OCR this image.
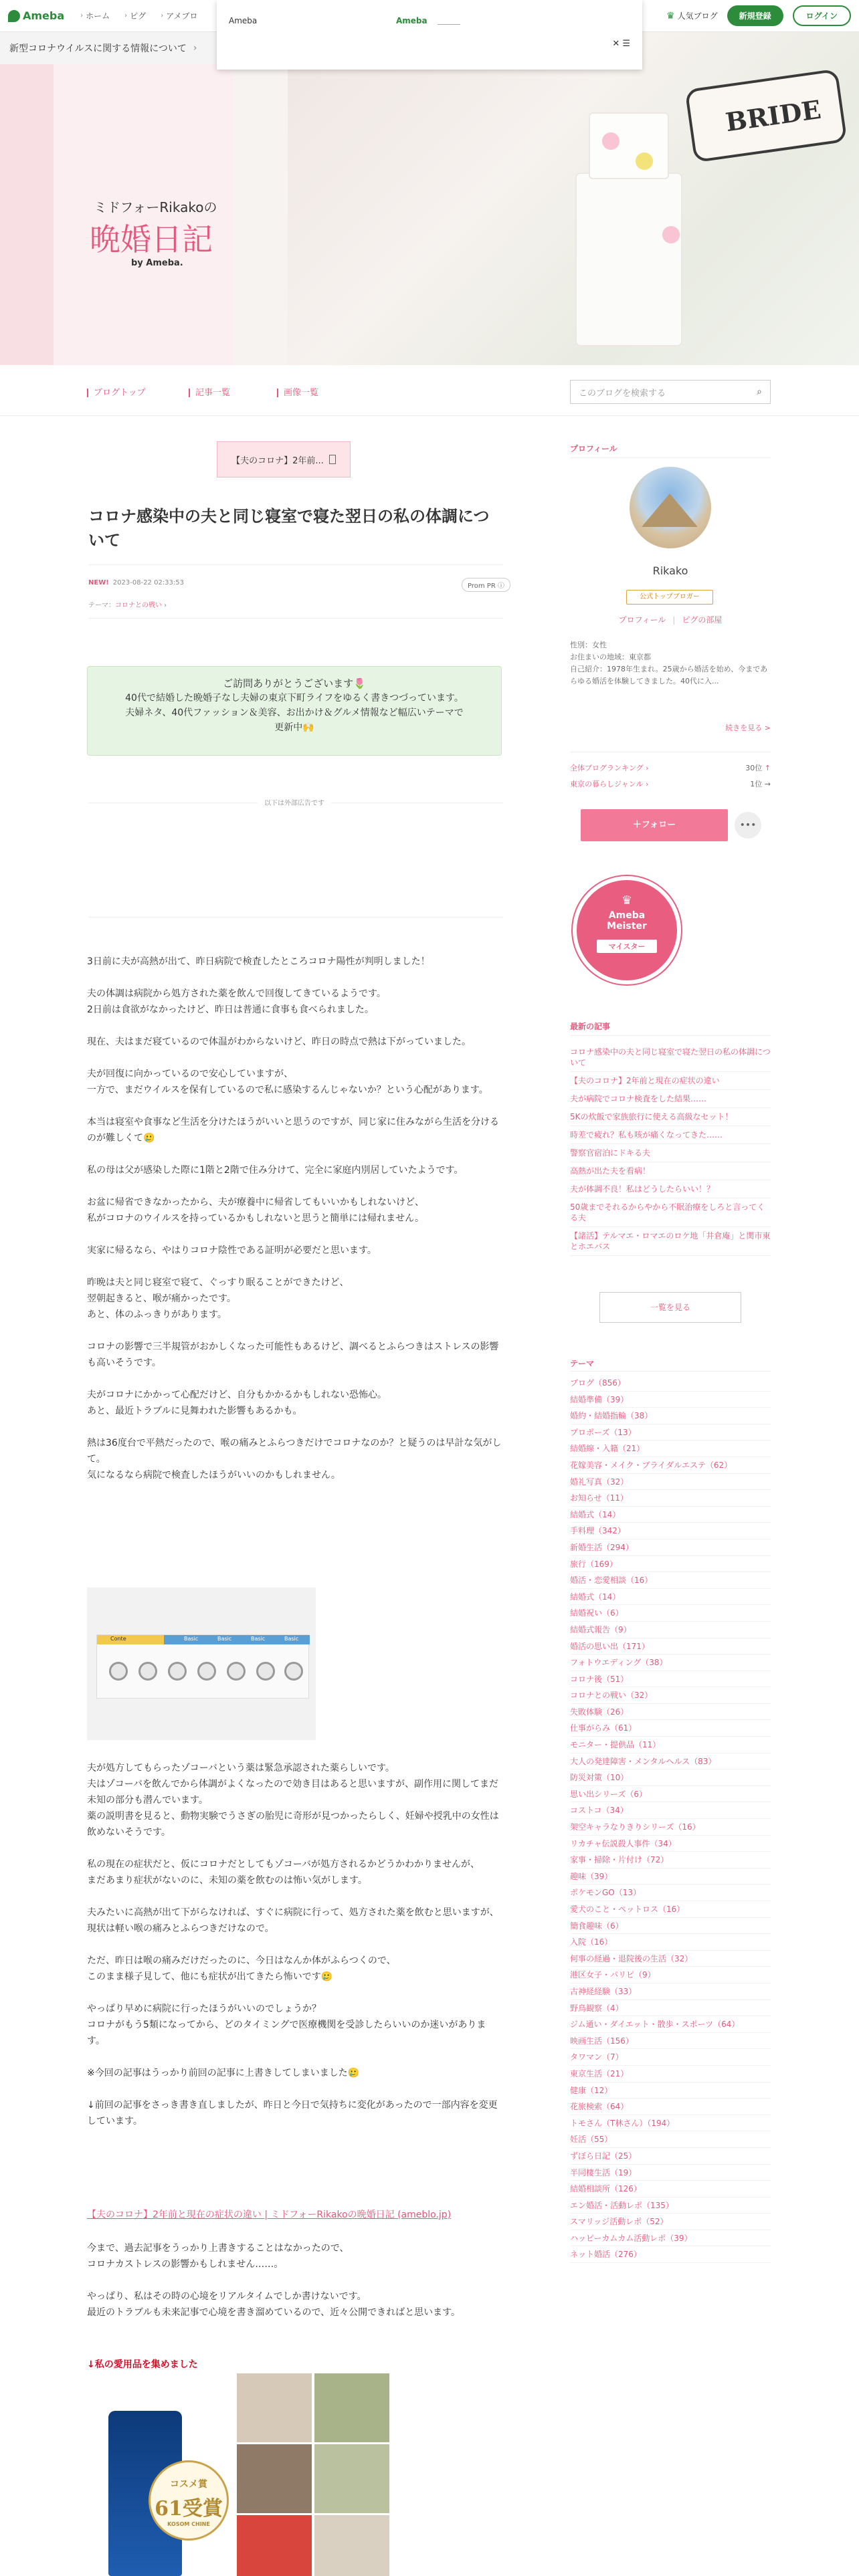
Ameba › ホーム › ピグ › アメブロ	♛ 人気ブログ	新規登録	ログイン
BRIDE
ミドフォーRikakoの
晩婚日記
by Ameba.
新型コロナウイルスに関する情報について ›
Ameba	Ameba
✕ ☰
ブログトップ	記事一覧	画像一覧	このブログを検索する	⌕
【夫のコロナ】2年前...
コロナ感染中の夫と同じ寝室で寝た翌日の私の体調について
NEW! 2023-08-22 02:33:53	Prom PR ⓘ
テーマ：コロナとの戦い ›
ご訪問ありがとうございます🌷
40代で結婚した晩婚子なし夫婦の東京下町ライフをゆるく書きつづっています。
夫婦ネタ、40代ファッション＆美容、お出かけ＆グルメ情報など幅広いテーマで
更新中🙌
以下は外部広告です

3日前に夫が高熱が出て、昨日病院で検査したところコロナ陽性が判明しました！

夫の体調は病院から処方された薬を飲んで回復してきているようです。
2日前は食欲がなかったけど、昨日は普通に食事も食べられました。

現在、夫はまだ寝ているので体温がわからないけど、昨日の時点で熱は下がっていました。

夫が回復に向かっているので安心していますが、
一方で、まだウイルスを保有しているので私に感染するんじゃないか？という心配があります。

本当は寝室や食事など生活を分けたほうがいいと思うのですが、同じ家に住みながら生活を分けるのが難しくて🥲

私の母は父が感染した際に1階と2階で住み分けて、完全に家庭内別居していたようです。

お盆に帰省できなかったから、夫が療養中に帰省してもいいかもしれないけど、
私がコロナのウイルスを持っているかもしれないと思うと簡単には帰れません。

実家に帰るなら、やはりコロナ陰性である証明が必要だと思います。

昨晩は夫と同じ寝室で寝て、ぐっすり眠ることができたけど、
翌朝起きると、喉が痛かったです。
あと、体のふっきりがあります。

コロナの影響で三半規管がおかしくなった可能性もあるけど、調べるとふらつきはストレスの影響も高いそうです。

夫がコロナにかかって心配だけど、自分もかかるかもしれない恐怖心。
あと、最近トラブルに見舞われた影響もあるかも。

熱は36度台で平熱だったので、喉の痛みとふらつきだけでコロナなのか？と疑うのは早計な気がして。
気になるなら病院で検査したほうがいいのかもしれません。

Conte	Basic	Basic	Basic	Basic

夫が処方してもらったゾコーバという薬は緊急承認された薬らしいです。
夫はゾコーバを飲んでから体調がよくなったので効き目はあると思いますが、副作用に関してまだ未知の部分も潜んでいます。
薬の説明書を見ると、動物実験でうさぎの胎児に奇形が見つかったらしく、妊婦や授乳中の女性は飲めないそうです。

私の現在の症状だと、仮にコロナだとしてもゾコーバが処方されるかどうかわかりませんが、
まだあまり症状がないのに、未知の薬を飲むのは怖い気がします。

夫みたいに高熱が出て下がらなければ、すぐに病院に行って、処方された薬を飲むと思いますが、
現状は軽い喉の痛みとふらつきだけなので。

ただ、昨日は喉の痛みだけだったのに、今日はなんか体がふらつくので、
このまま様子見して、他にも症状が出てきたら怖いです🥲

やっぱり早めに病院に行ったほうがいいのでしょうか？
コロナがもう5類になってから、どのタイミングで医療機関を受診したらいいのか迷いがあります。

※今回の記事はうっかり前回の記事に上書きしてしまいました🥲

↓前回の記事をさっき書き直しましたが、昨日と今日で気持ちに変化があったので一部内容を変更しています。

【夫のコロナ】2年前と現在の症状の違い | ミドフォーRikakoの晩婚日記 (ameblo.jp)

今まで、過去記事をうっかり上書きすることはなかったので、
コロナカストレスの影響かもしれません……。

やっぱり、私はその時の心境をリアルタイムでしか書けないです。
最近のトラブルも未来記事で心境を書き溜めているので、近々公開できればと思います。

↓私の愛用品を集めました
コスメ賞
61受賞
KOSOM CHINE
プロフィール
Rikako
公式トップブロガー
プロフィール | ピグの部屋
性別：女性
お住まいの地域：東京都
自己紹介：1978年生まれ。25歳から婚活を始め、今まであらゆる婚活を体験してきました。40代に入...
続きを見る >
全体ブログランキング ›	30位 ↑
東京の暮らしジャンル ›	1位 →
＋フォロー	•••
♛
Ameba
Meister
マイスター
最新の記事
コロナ感染中の夫と同じ寝室で寝た翌日の私の体調について
【夫のコロナ】2年前と現在の症状の違い
夫が病院でコロナ検査をした結果……
5Kの炊飯で家族旅行に使える高級なセット！
時差で疲れ？私も咳が痛くなってきた……
警察官宿泊にドキる夫
高熱が出た夫を看病！
夫が体調不良！私はどうしたらいい！？
50歳までそれるからやから不眠治療をしろと言ってくる夫
【諸活】テルマエ・ロマエのロケ地「井倉庵」と関市東とホエバス
一覧を見る
テーマ
ブログ（856）
結婚準備（39）
婚約・結婚指輪（38）
プロポーズ（13）
結婚線・入籍（21）
花嫁美容・メイク・ブライダルエステ（62）
婚礼写真（32）
お知らせ（11）
結婚式（14）
手料理（342）
新婚生活（294）
旅行（169）
婚活・恋愛相談（16）
結婚式（14）
結婚祝い（6）
結婚式報告（9）
婚活の思い出（171）
フォトウエディング（38）
コロナ後（51）
コロナとの戦い（32）
失敗体験（26）
仕事がらみ（61）
モニター・提供品（11）
大人の発達障害・メンタルヘルス（83）
防災対策（10）
思い出シリーズ（6）
コストコ（34）
架空キャラなりきりシリーズ（16）
リカチャ伝説殺人事件（34）
家事・掃除・片付け（72）
趣味（39）
ポケモンGO（13）
愛犬のこと・ペットロス（16）
簡食趣味（6）
入院（16）
何事の経過・退院後の生活（32）
港区女子・パリピ（9）
古神経経験（33）
野鳥観察（4）
ジム通い・ダイエット・散歩・スポーツ（64）
映画生活（156）
タワマン（7）
東京生活（21）
健康（12）
花旅検索（64）
トモさん（T林さん）（194）
妊活（55）
ずぼら日記（25）
半同棲生活（19）
結婚相談所（126）
エン婚活・活動レポ（135）
スマリッジ活動レポ（52）
ハッピーカムカム活動レポ（39）
ネット婚活（276）
